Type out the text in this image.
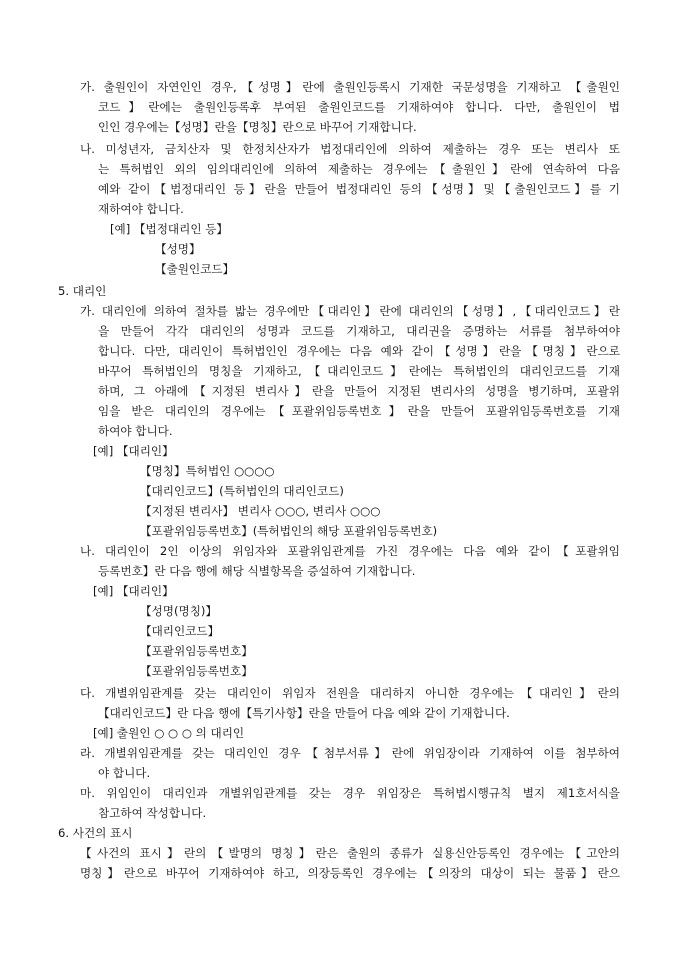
가. 출원인이 자연인인 경우,【성명】란에 출원인등록시 기재한 국문성명을 기재하고 【출원인
코드】란에는 출원인등록후 부여된 출원인코드를 기재하여야 합니다. 다만, 출원인이 법
인인 경우에는【성명】란을【명칭】란으로 바꾸어 기재합니다.
나. 미성년자, 금치산자 및 한정치산자가 법정대리인에 의하여 제출하는 경우 또는 변리사 또
는 특허법인 외의 임의대리인에 의하여 제출하는 경우에는【출원인】란에 연속하여 다음
예와 같이【법정대리인 등】란을 만들어 법정대리인 등의【성명】및【출원인코드】를 기
재하여야 합니다.
[예] 【법정대리인 등】
【성명】
【출원인코드】
5. 대리인
가. 대리인에 의하여 절차를 밟는 경우에만【대리인】란에 대리인의【성명】,【대리인코드】란
을 만들어 각각 대리인의 성명과 코드를 기재하고, 대리권을 증명하는 서류를 첨부하여야
합니다. 다만, 대리인이 특허법인인 경우에는 다음 예와 같이【성명】란을【명칭】란으로
바꾸어 특허법인의 명칭을 기재하고,【대리인코드】란에는 특허법인의 대리인코드를 기재
하며, 그 아래에【지정된 변리사】란을 만들어 지정된 변리사의 성명을 병기하며, 포괄위
임을 받은 대리인의 경우에는【포괄위임등록번호】란을 만들어 포괄위임등록번호를 기재
하여야 합니다.
[예] 【대리인】
【명칭】특허법인 ○○○○
【대리인코드】(특허법인의 대리인코드)
【지정된 변리사】 변리사 ○○○, 변리사 ○○○
【포괄위임등록번호】(특허법인의 해당 포괄위임등록번호)
나. 대리인이 2인 이상의 위임자와 포괄위임관계를 가진 경우에는 다음 예와 같이【포괄위임
등록번호】란 다음 행에 해당 식별항목을 증설하여 기재합니다.
[예] 【대리인】
【성명(명칭)】
【대리인코드】
【포괄위임등록번호】
【포괄위임등록번호】
다. 개별위임관계를 갖는 대리인이 위임자 전원을 대리하지 아니한 경우에는【대리인】란의
【대리인코드】란 다음 행에【특기사항】란을 만들어 다음 예와 같이 기재합니다.
[예] 출원인 ○ ○ ○ 의 대리인
라. 개별위임관계를 갖는 대리인인 경우【첨부서류】란에 위임장이라 기재하여 이를 첨부하여
야 합니다.
마. 위임인이 대리인과 개별위임관계를 갖는 경우 위임장은 특허법시행규칙 별지 제1호서식을
참고하여 작성합니다.
6. 사건의 표시
【사건의 표시】란의【발명의 명칭】란은 출원의 종류가 실용신안등록인 경우에는【고안의
명칭】란으로 바꾸어 기재하여야 하고, 의장등록인 경우에는【의장의 대상이 되는 물품】란으
